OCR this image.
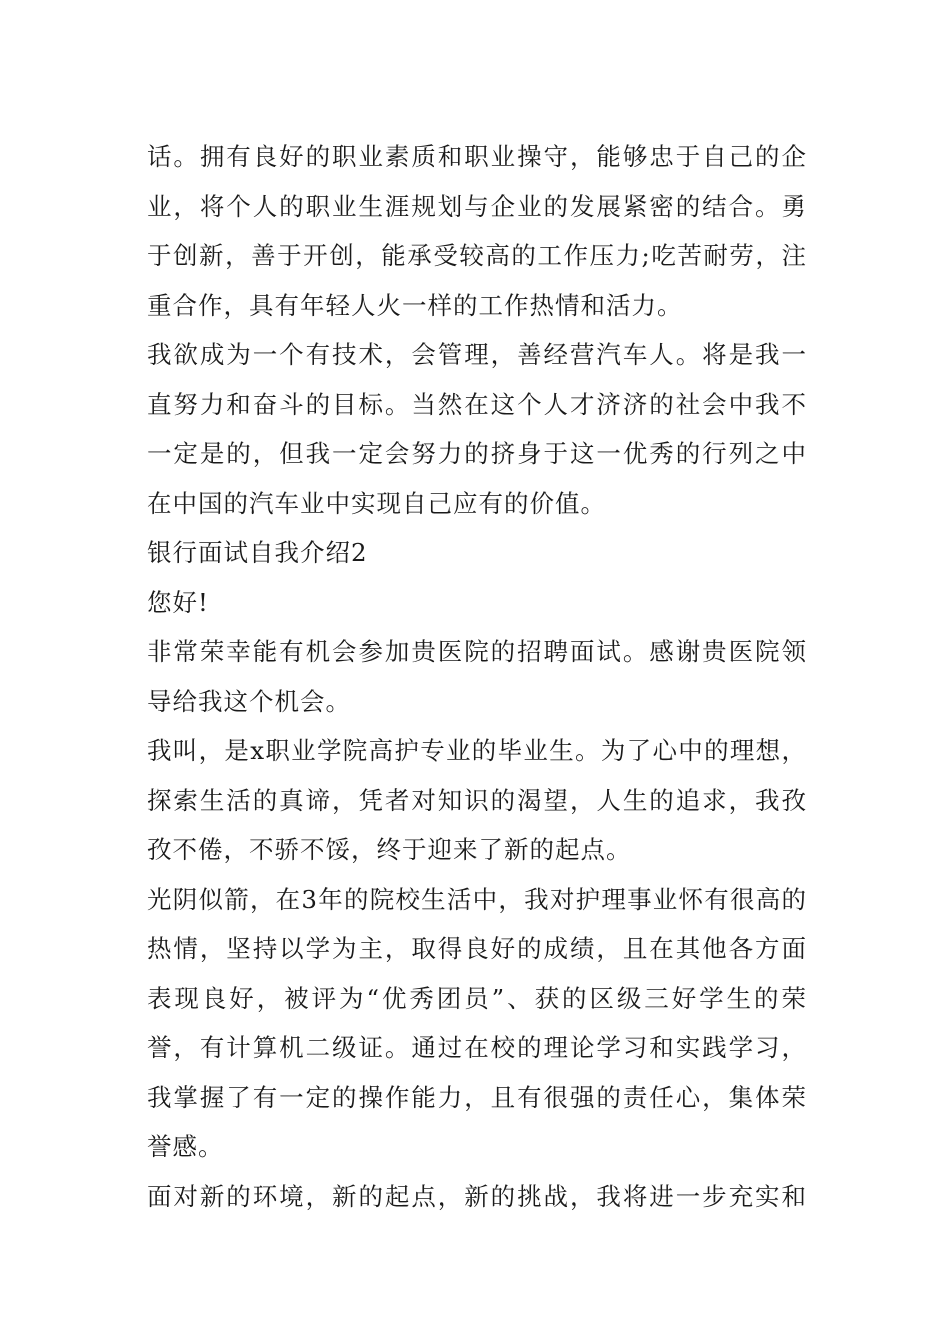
话。拥有良好的职业素质和职业操守，能够忠于自己的企
业，将个人的职业生涯规划与企业的发展紧密的结合。勇
于创新，善于开创，能承受较高的工作压力;吃苦耐劳，注
重合作，具有年轻人火一样的工作热情和活力。
我欲成为一个有技术，会管理，善经营汽车人。将是我一
直努力和奋斗的目标。当然在这个人才济济的社会中我不
一定是的，但我一定会努力的挤身于这一优秀的行列之中
在中国的汽车业中实现自己应有的价值。
银行面试自我介绍2
您好!
非常荣幸能有机会参加贵医院的招聘面试。感谢贵医院领
导给我这个机会。
我叫，是x职业学院高护专业的毕业生。为了心中的理想，
探索生活的真谛，凭者对知识的渴望，人生的追求，我孜
孜不倦，不骄不馁，终于迎来了新的起点。
光阴似箭，在3年的院校生活中，我对护理事业怀有很高的
热情，坚持以学为主，取得良好的成绩，且在其他各方面
表现良好，被评为“优秀团员”、获的区级三好学生的荣
誉，有计算机二级证。通过在校的理论学习和实践学习，
我掌握了有一定的操作能力，且有很强的责任心，集体荣
誉感。
面对新的环境，新的起点，新的挑战，我将进一步充实和
